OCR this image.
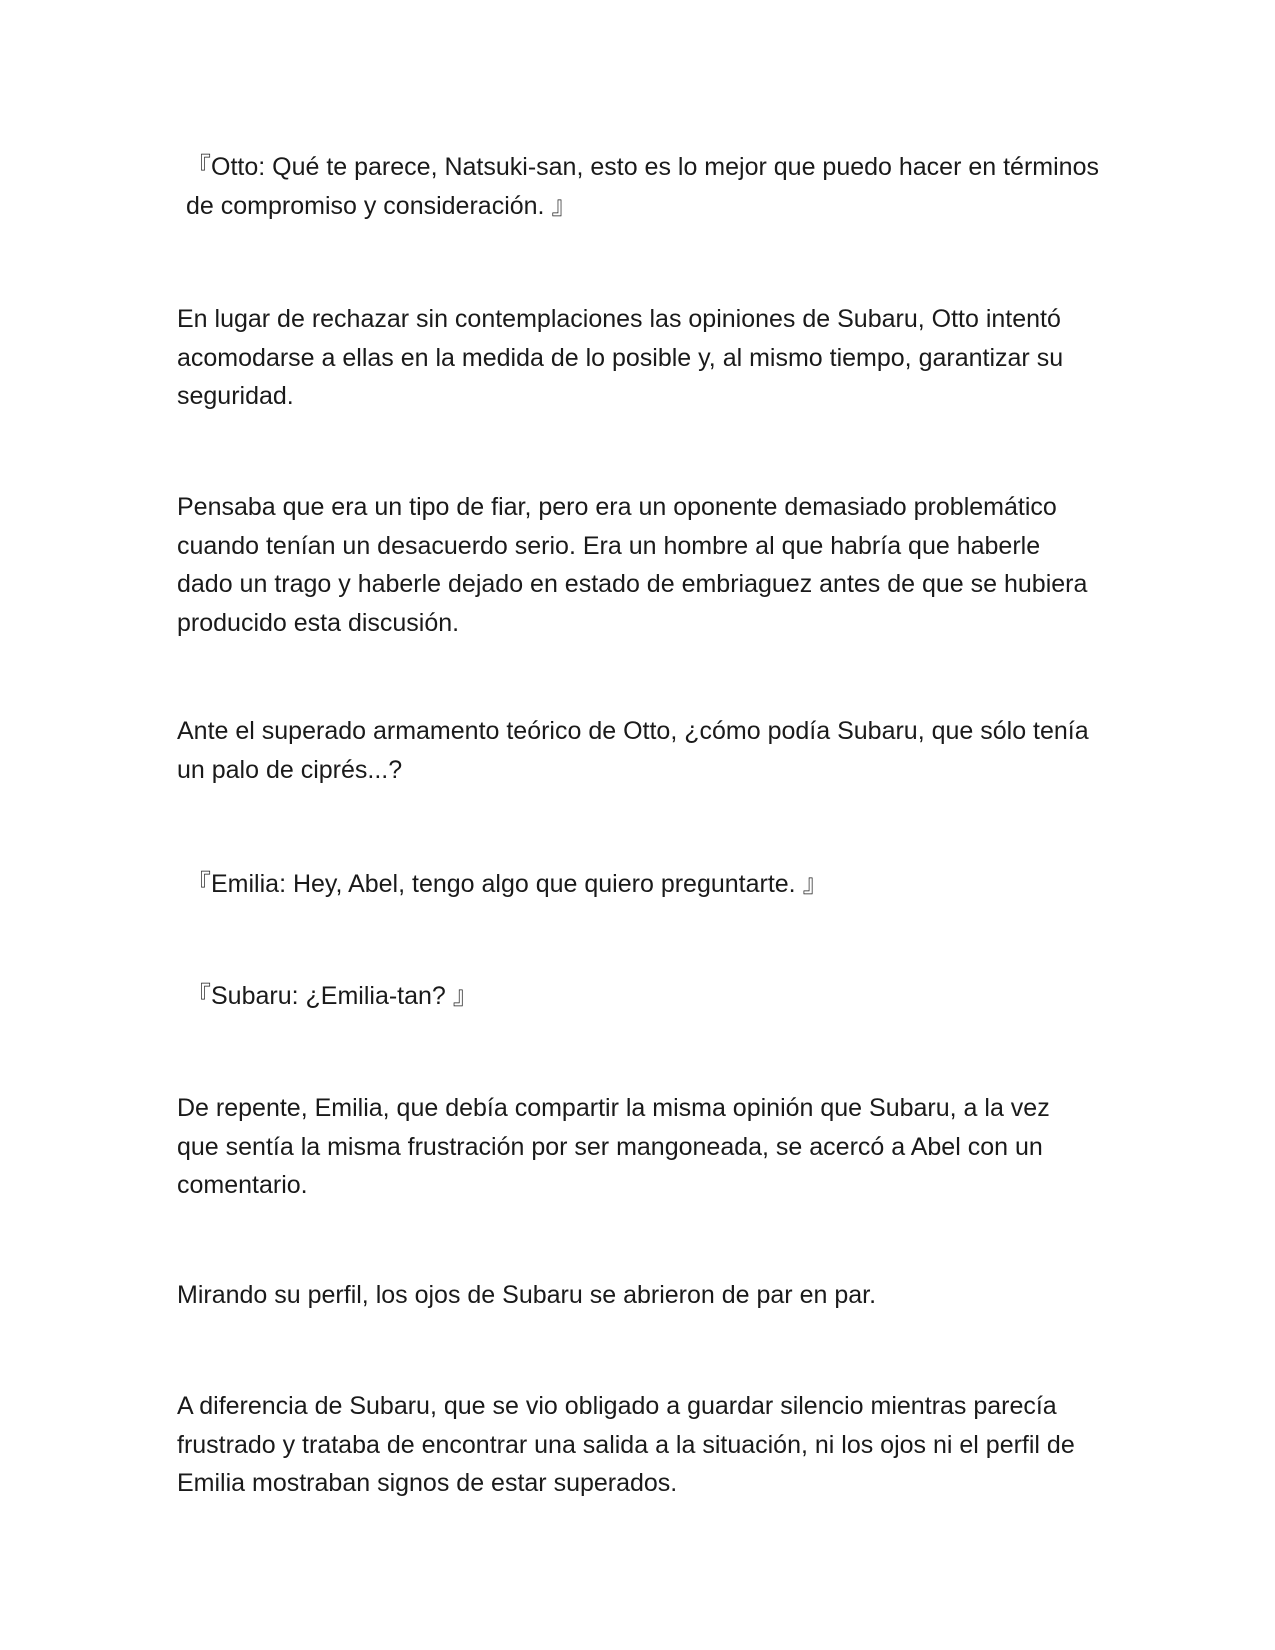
『Otto: Qué te parece, Natsuki-san, esto es lo mejor que puedo hacer en términos de compromiso y consideración. 』

En lugar de rechazar sin contemplaciones las opiniones de Subaru, Otto intentó acomodarse a ellas en la medida de lo posible y, al mismo tiempo, garantizar su seguridad.

Pensaba que era un tipo de fiar, pero era un oponente demasiado problemático cuando tenían un desacuerdo serio. Era un hombre al que habría que haberle dado un trago y haberle dejado en estado de embriaguez antes de que se hubiera producido esta discusión.

Ante el superado armamento teórico de Otto, ¿cómo podía Subaru, que sólo tenía un palo de ciprés...?

『Emilia: Hey, Abel, tengo algo que quiero preguntarte. 』

『Subaru: ¿Emilia-tan? 』

De repente, Emilia, que debía compartir la misma opinión que Subaru, a la vez que sentía la misma frustración por ser mangoneada, se acercó a Abel con un comentario.

Mirando su perfil, los ojos de Subaru se abrieron de par en par.

A diferencia de Subaru, que se vio obligado a guardar silencio mientras parecía frustrado y trataba de encontrar una salida a la situación, ni los ojos ni el perfil de Emilia mostraban signos de estar superados.
